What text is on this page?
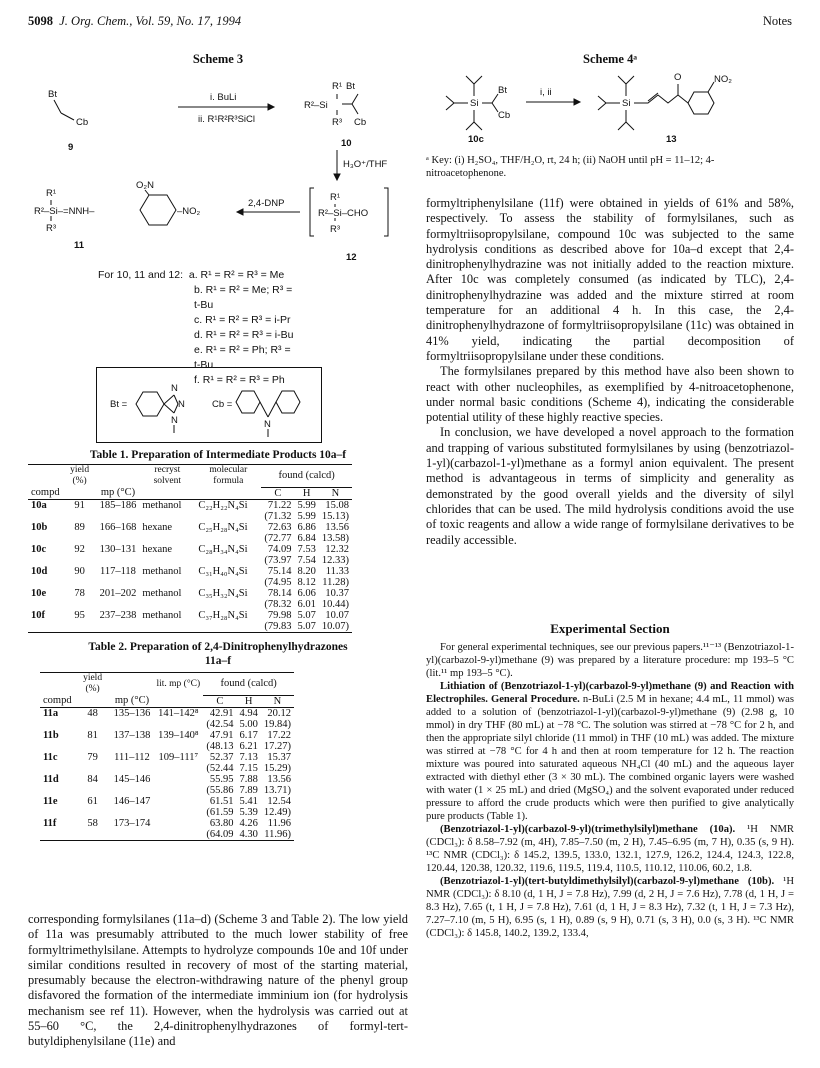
5098 J. Org. Chem., Vol. 59, No. 17, 1994	Notes
Scheme 3
Bt
Cb
9
i. BuLi
ii. R¹R²R³SiCl
R¹ Bt
R²–Si
R³ Cb
10
H₃O⁺/THF
R¹
R²–Si–=NNH–
R³
O₂N
–NO₂
11
2,4-DNP
R¹
R²–Si–CHO
R³
12
For 10, 11 and 12: a. R¹ = R² = R³ = Me
b. R¹ = R² = Me; R³ = t-Bu
c. R¹ = R² = R³ = i-Pr
d. R¹ = R² = R³ = i-Bu
e. R¹ = R² = Ph; R³ = t-Bu
f. R¹ = R² = R³ = Ph
Bt =
N
N
N
Cb =
N
Table 1. Preparation of Intermediate Products 10a–f
	yield (%)		recryst solvent	molecular formula	found (calcd)		
compd		mp (°C)			C	H	N
10a	91	185–186	methanol	C₂₂H₂₂N₄Si	71.22	5.99	15.08
					(71.32	5.99	15.13)
10b	89	166–168	hexane	C₂₅H₂₈N₄Si	72.63	6.86	13.56
					(72.77	6.84	13.58)
10c	92	130–131	hexane	C₂₈H₃₄N₄Si	74.09	7.53	12.32
					(73.97	7.54	12.33)
10d	90	117–118	methanol	C₃₁H₄₀N₄Si	75.14	8.20	11.33
					(74.95	8.12	11.28)
10e	78	201–202	methanol	C₃₅H₃₂N₄Si	78.14	6.06	10.37
					(78.32	6.01	10.44)
10f	95	237–238	methanol	C₃₇H₂₈N₄Si	79.98	5.07	10.07
					(79.83	5.07	10.07)
Table 2. Preparation of 2,4-Dinitrophenylhydrazones
11a–f
	yield (%)		lit. mp (°C)	found (calcd)		
compd		mp (°C)		C	H	N
11a	48	135–136	141–142⁸	42.91	4.94	20.12
				(42.54	5.00	19.84)
11b	81	137–138	139–140⁸	47.91	6.17	17.22
				(48.13	6.21	17.27)
11c	79	111–112	109–111⁷	52.37	7.13	15.37
				(52.44	7.15	15.29)
11d	84	145–146		55.95	7.88	13.56
				(55.86	7.89	13.71)
11e	61	146–147		61.51	5.41	12.54
				(61.59	5.39	12.49)
11f	58	173–174		63.80	4.26	11.96
				(64.09	4.30	11.96)
corresponding formylsilanes (11a–d) (Scheme 3 and Table 2). The low yield of 11a was presumably attributed to the much lower stability of free formyltrimethylsilane. Attempts to hydrolyze compounds 10e and 10f under similar conditions resulted in recovery of most of the starting material, presumably because the electron-withdrawing nature of the phenyl group disfavored the formation of the intermediate imminium ion (for hydrolysis mechanism see ref 11). However, when the hydrolysis was carried out at 55–60 °C, the 2,4-dinitrophenylhydrazones of formyl-tert-butyldiphenylsilane (11e) and
Scheme 4ᵃ
Si
Bt
Cb
10c
i, ii
Si
O	NO₂
13
ᵃ Key: (i) H₂SO₄, THF/H₂O, rt, 24 h; (ii) NaOH until pH = 11–12; 4-nitroacetophenone.

formyltriphenylsilane (11f) were obtained in yields of 61% and 58%, respectively. To assess the stability of formylsilanes, such as formyltriisopropylsilane, compound 10c was subjected to the same hydrolysis conditions as described above for 10a–d except that 2,4-dinitrophenylhydrazine was not initially added to the reaction mixture. After 10c was completely consumed (as indicated by TLC), 2,4-dinitrophenylhydrazine was added and the mixture stirred at room temperature for an additional 4 h. In this case, the 2,4-dinitrophenylhydrazone of formyltriisopropylsilane (11c) was obtained in 41% yield, indicating the partial decomposition of formyltriisopropylsilane under these conditions.

The formylsilanes prepared by this method have also been shown to react with other nucleophiles, as exemplified by 4-nitroacetophenone, under normal basic conditions (Scheme 4), indicating the considerable potential utility of these highly reactive species.

In conclusion, we have developed a novel approach to the formation and trapping of various substituted formylsilanes by using (benzotriazol-1-yl)(carbazol-1-yl)methane as a formyl anion equivalent. The present method is advantageous in terms of simplicity and generality as demonstrated by the good overall yields and the diversity of silyl chlorides that can be used. The mild hydrolysis conditions avoid the use of toxic reagents and allow a wide range of formylsilane derivatives to be readily accessible.

Experimental Section

For general experimental techniques, see our previous papers.¹¹⁻¹³ (Benzotriazol-1-yl)(carbazol-9-yl)methane (9) was prepared by a literature procedure: mp 193–5 °C (lit.¹¹ mp 193–5 °C).

Lithiation of (Benzotriazol-1-yl)(carbazol-9-yl)methane (9) and Reaction with Electrophiles. General Procedure. n-BuLi (2.5 M in hexane; 4.4 mL, 11 mmol) was added to a solution of (benzotriazol-1-yl)(carbazol-9-yl)methane (9) (2.98 g, 10 mmol) in dry THF (80 mL) at −78 °C. The solution was stirred at −78 °C for 2 h, and then the appropriate silyl chloride (11 mmol) in THF (10 mL) was added. The mixture was stirred at −78 °C for 4 h and then at room temperature for 12 h. The reaction mixture was poured into saturated aqueous NH₄Cl (40 mL) and the aqueous layer extracted with diethyl ether (3 × 30 mL). The combined organic layers were washed with water (1 × 25 mL) and dried (MgSO₄) and the solvent evaporated under reduced pressure to afford the crude products which were then purified to give analytically pure products (Table 1).

(Benzotriazol-1-yl)(carbazol-9-yl)(trimethylsilyl)methane (10a). ¹H NMR (CDCl₃): δ 8.58–7.92 (m, 4H), 7.85–7.50 (m, 2 H), 7.45–6.95 (m, 7 H), 0.35 (s, 9 H). ¹³C NMR (CDCl₃): δ 145.2, 139.5, 133.0, 132.1, 127.9, 126.2, 124.4, 124.3, 122.8, 120.44, 120.38, 120.32, 119.6, 119.5, 119.4, 110.5, 110.12, 110.06, 60.2, 1.8.

(Benzotriazol-1-yl)(tert-butyldimethylsilyl)(carbazol-9-yl)methane (10b). ¹H NMR (CDCl₃): δ 8.10 (d, 1 H, J = 7.8 Hz), 7.99 (d, 2 H, J = 7.6 Hz), 7.78 (d, 1 H, J = 8.3 Hz), 7.65 (t, 1 H, J = 7.8 Hz), 7.61 (d, 1 H, J = 8.3 Hz), 7.32 (t, 1 H, J = 7.3 Hz), 7.27–7.10 (m, 5 H), 6.95 (s, 1 H), 0.89 (s, 9 H), 0.71 (s, 3 H), 0.0 (s, 3 H). ¹³C NMR (CDCl₃): δ 145.8, 140.2, 139.2, 133.4,
